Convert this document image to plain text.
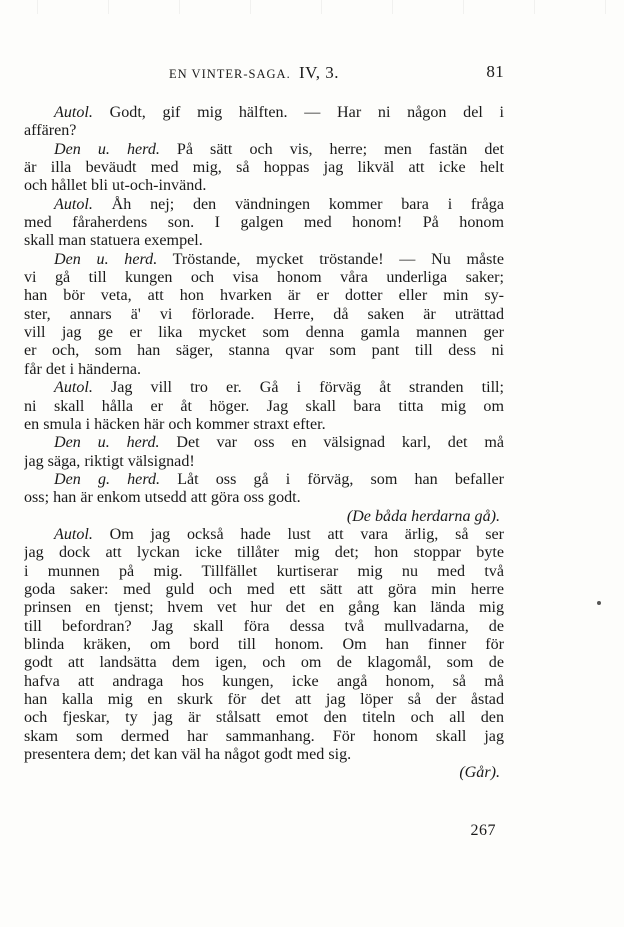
EN VINTER-SAGA. IV, 3.	81
Autol. Godt, gif mig hälften. — Har ni någon del i
affären?
Den u. herd. På sätt och vis, herre; men fastän det
är illa beväudt med mig, så hoppas jag likväl att icke helt
och hållet bli ut-och-invänd.
Autol. Åh nej; den vändningen kommer bara i fråga
med fåraherdens son. I galgen med honom! På honom
skall man statuera exempel.
Den u. herd. Tröstande, mycket tröstande! — Nu måste
vi gå till kungen och visa honom våra underliga saker;
han bör veta, att hon hvarken är er dotter eller min sy-
ster, annars ä' vi förlorade. Herre, då saken är uträttad
vill jag ge er lika mycket som denna gamla mannen ger
er och, som han säger, stanna qvar som pant till dess ni
får det i händerna.
Autol. Jag vill tro er. Gå i förväg åt stranden till;
ni skall hålla er åt höger. Jag skall bara titta mig om
en smula i häcken här och kommer straxt efter.
Den u. herd. Det var oss en välsignad karl, det må
jag säga, riktigt välsignad!
Den g. herd. Låt oss gå i förväg, som han befaller
oss; han är enkom utsedd att göra oss godt.
(De båda herdarna gå).
Autol. Om jag också hade lust att vara ärlig, så ser
jag dock att lyckan icke tillåter mig det; hon stoppar byte
i munnen på mig. Tillfället kurtiserar mig nu med två
goda saker: med guld och med ett sätt att göra min herre
prinsen en tjenst; hvem vet hur det en gång kan lända mig
till befordran? Jag skall föra dessa två mullvadarna, de
blinda kräken, om bord till honom. Om han finner för
godt att landsätta dem igen, och om de klagomål, som de
hafva att andraga hos kungen, icke angå honom, så må
han kalla mig en skurk för det att jag löper så der åstad
och fjeskar, ty jag är stålsatt emot den titeln och all den
skam som dermed har sammanhang. För honom skall jag
presentera dem; det kan väl ha något godt med sig.
(Går).
267
